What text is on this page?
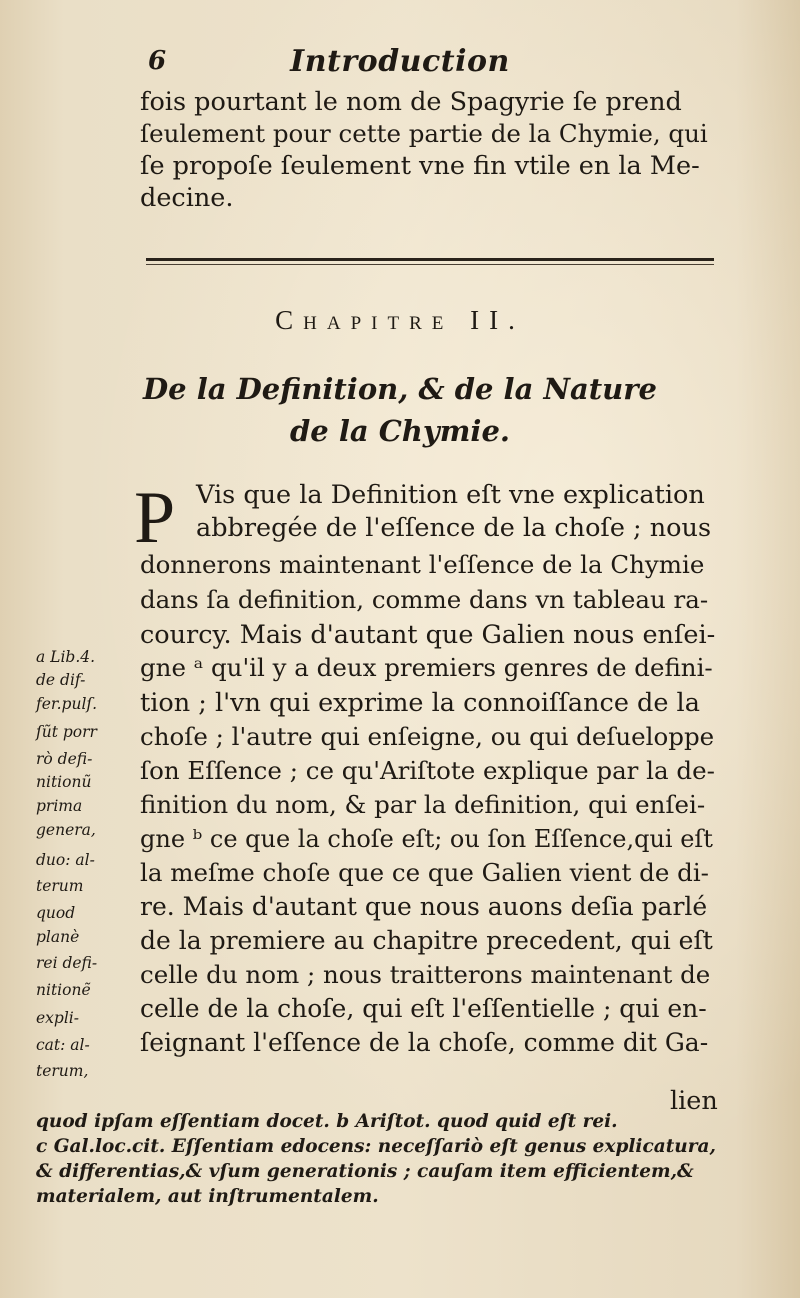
6	Introduction
fois pourtant le nom de Spagyrie ſe prend
ſeulement pour cette partie de la Chymie, qui
ſe propoſe ſeulement vne fin vtile en la Me-
decine.
Chapitre II.
De la Definition, & de la Nature
de la Chymie.
P Vis que la Definition eſt vne explication
abbregée de l'eſſence de la choſe ; nous
donnerons maintenant l'eſſence de la Chymie
dans ſa definition, comme dans vn tableau ra-
courcy. Mais d'autant que Galien nous enſei-
gne ᵃ qu'il y a deux premiers genres de defini-
tion ; l'vn qui exprime la connoiſſance de la
choſe ; l'autre qui enſeigne, ou qui deſueloppe
ſon Eſſence ; ce qu'Ariſtote explique par la de-
finition du nom, & par la definition, qui enſei-
gne ᵇ ce que la choſe eſt; ou ſon Eſſence,qui eſt
la meſme choſe que ce que Galien vient de di-
re. Mais d'autant que nous auons deſia parlé
de la premiere au chapitre precedent, qui eſt
celle du nom ; nous traitterons maintenant de
celle de la choſe, qui eſt l'eſſentielle ; qui en-
ſeignant l'eſſence de la choſe, comme dit Ga-
lien
a Lib.4.
de dif-
fer.pulſ.
ſũt porr
rò defi-
nitionũ
prima
genera,
duo: al-
terum
quod
planè
rei defi-
nitionẽ
expli-
cat: al-
terum,
quod ipſam eſſentiam docet. b Ariſtot. quod quid eſt rei.
c Gal.loc.cit. Eſſentiam edocens: neceſſariò eſt genus explicatura,
& differentias,& vſum generationis ; cauſam item efficientem,&
materialem, aut inſtrumentalem.
